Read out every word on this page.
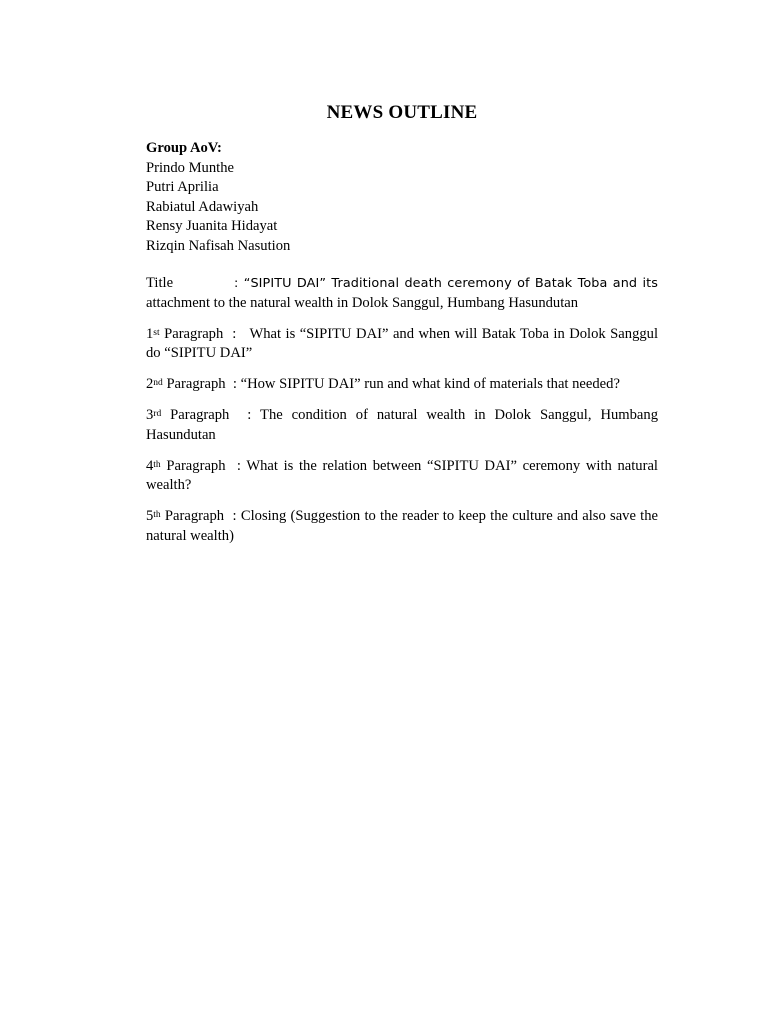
NEWS OUTLINE
Group AoV:
Prindo Munthe
Putri Aprilia
Rabiatul Adawiyah
Rensy Juanita Hidayat
Rizqin Nafisah Nasution
Title	: “SIPITU DAI” Traditional death ceremony of Batak Toba and its attachment to the natural wealth in Dolok Sanggul, Humbang Hasundutan
1st Paragraph  :   What is “SIPITU DAI” and when will Batak Toba in Dolok Sanggul do “SIPITU DAI”
2nd Paragraph  : “How SIPITU DAI” run and what kind of materials that needed?
3rd Paragraph  : The condition of natural wealth in Dolok Sanggul, Humbang Hasundutan
4th Paragraph  : What is the relation between “SIPITU DAI” ceremony with natural wealth?
5th Paragraph  : Closing (Suggestion to the reader to keep the culture and also save the natural wealth)
